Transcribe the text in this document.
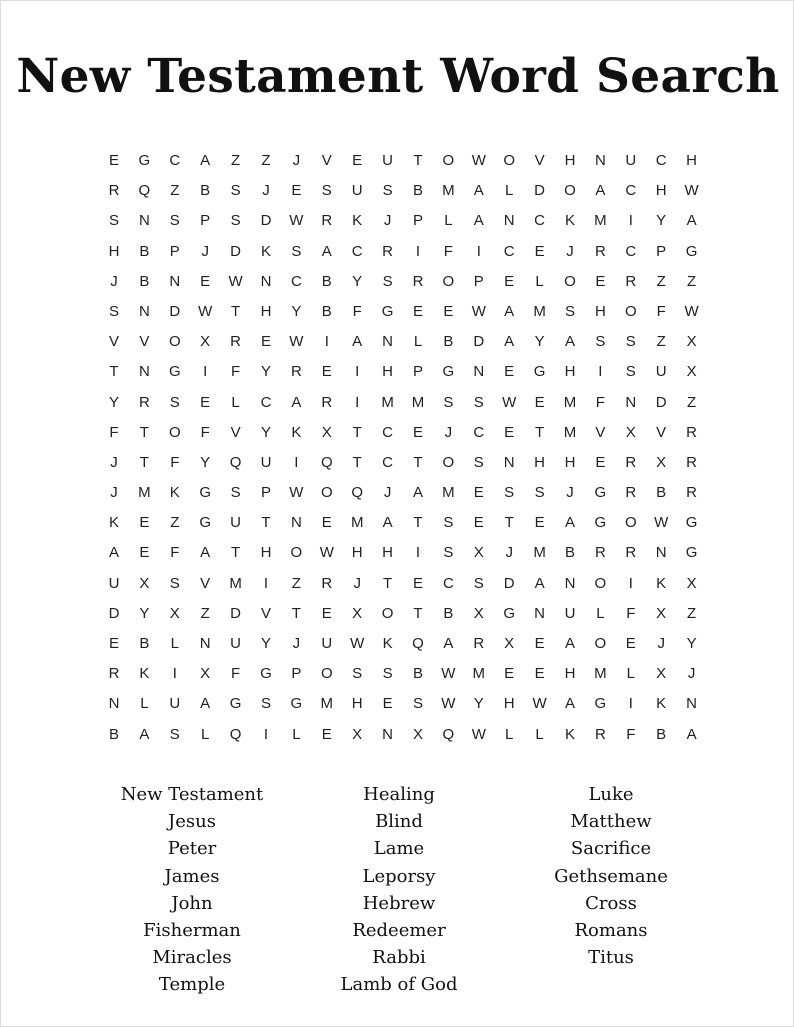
New Testament Word Search
E	G	C	A	Z	Z	J	V	E	U	T	O	W	O	V	H	N	U	C	H
R	Q	Z	B	S	J	E	S	U	S	B	M	A	L	D	O	A	C	H	W
S	N	S	P	S	D	W	R	K	J	P	L	A	N	C	K	M	I	Y	A
H	B	P	J	D	K	S	A	C	R	I	F	I	C	E	J	R	C	P	G
J	B	N	E	W	N	C	B	Y	S	R	O	P	E	L	O	E	R	Z	Z
S	N	D	W	T	H	Y	B	F	G	E	E	W	A	M	S	H	O	F	W
V	V	O	X	R	E	W	I	A	N	L	B	D	A	Y	A	S	S	Z	X
T	N	G	I	F	Y	R	E	I	H	P	G	N	E	G	H	I	S	U	X
Y	R	S	E	L	C	A	R	I	M	M	S	S	W	E	M	F	N	D	Z
F	T	O	F	V	Y	K	X	T	C	E	J	C	E	T	M	V	X	V	R
J	T	F	Y	Q	U	I	Q	T	C	T	O	S	N	H	H	E	R	X	R
J	M	K	G	S	P	W	O	Q	J	A	M	E	S	S	J	G	R	B	R
K	E	Z	G	U	T	N	E	M	A	T	S	E	T	E	A	G	O	W	G
A	E	F	A	T	H	O	W	H	H	I	S	X	J	M	B	R	R	N	G
U	X	S	V	M	I	Z	R	J	T	E	C	S	D	A	N	O	I	K	X
D	Y	X	Z	D	V	T	E	X	O	T	B	X	G	N	U	L	F	X	Z
E	B	L	N	U	Y	J	U	W	K	Q	A	R	X	E	A	O	E	J	Y
R	K	I	X	F	G	P	O	S	S	B	W	M	E	E	H	M	L	X	J
N	L	U	A	G	S	G	M	H	E	S	W	Y	H	W	A	G	I	K	N
B	A	S	L	Q	I	L	E	X	N	X	Q	W	L	L	K	R	F	B	A
New Testament
Jesus
Peter
James
John
Fisherman
Miracles
Temple
Healing
Blind
Lame
Leporsy
Hebrew
Redeemer
Rabbi
Lamb of God
Luke
Matthew
Sacrifice
Gethsemane
Cross
Romans
Titus
